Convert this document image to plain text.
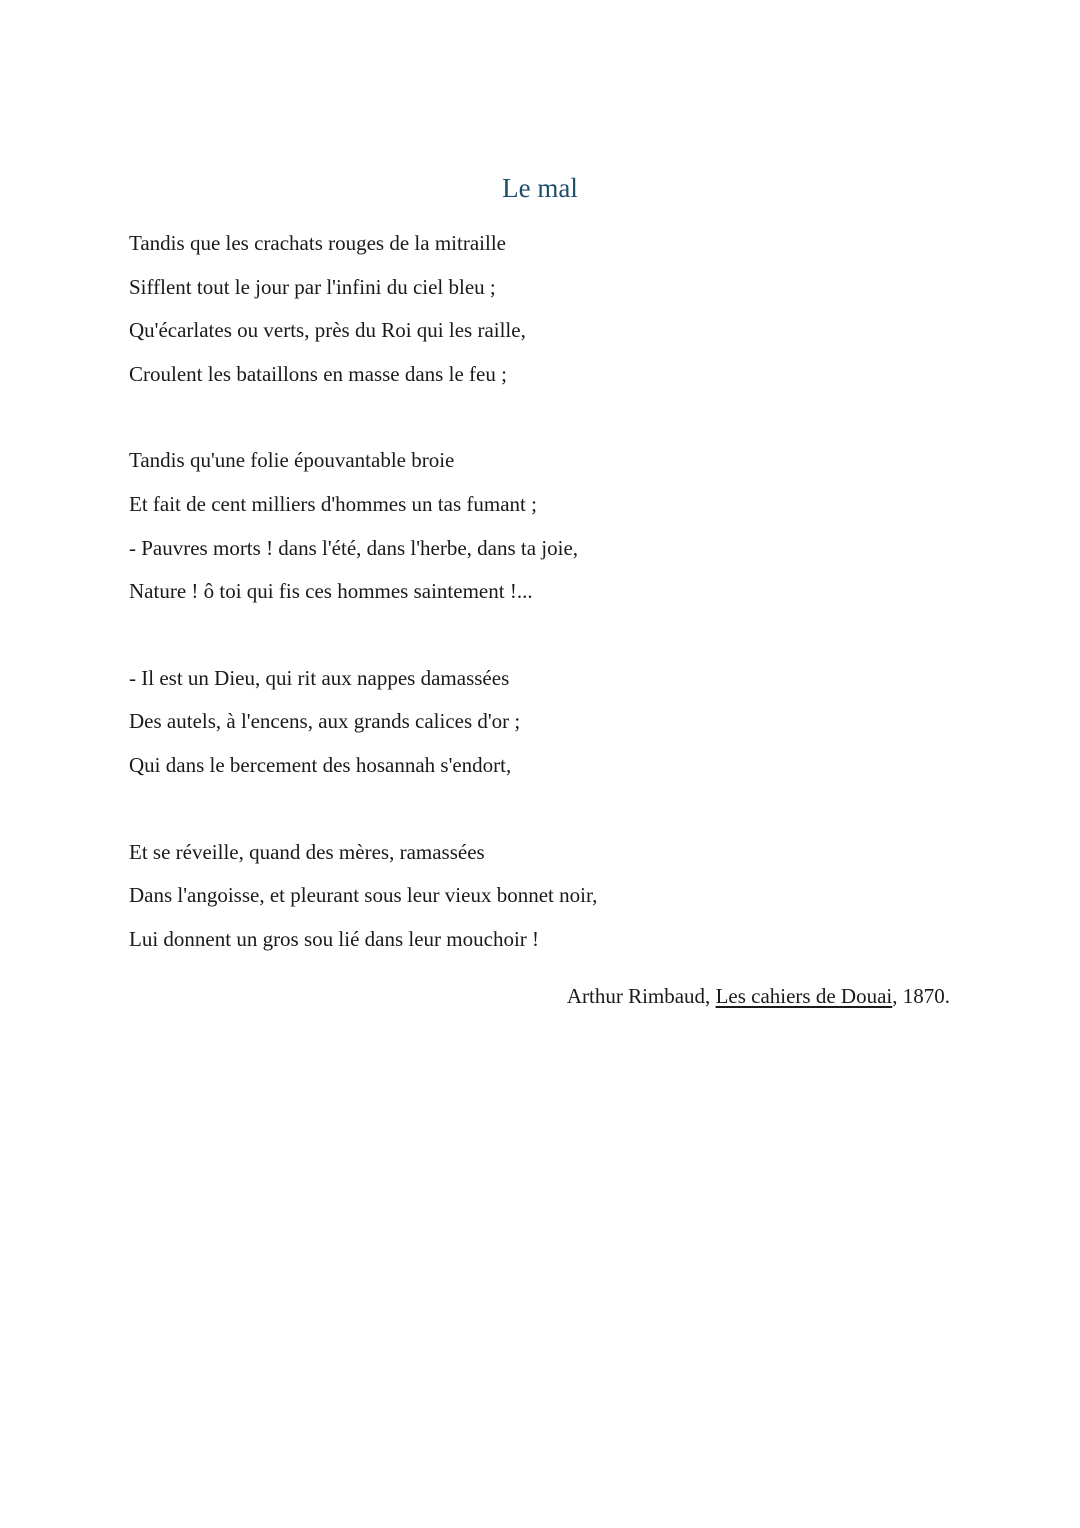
Le mal
Tandis que les crachats rouges de la mitraille
Sifflent tout le jour par l'infini du ciel bleu ;
Qu'écarlates ou verts, près du Roi qui les raille,
Croulent les bataillons en masse dans le feu ;
Tandis qu'une folie épouvantable broie
Et fait de cent milliers d'hommes un tas fumant ;
- Pauvres morts ! dans l'été, dans l'herbe, dans ta joie,
Nature ! ô toi qui fis ces hommes saintement !...
- Il est un Dieu, qui rit aux nappes damassées
Des autels, à l'encens, aux grands calices d'or ;
Qui dans le bercement des hosannah s'endort,
Et se réveille, quand des mères, ramassées
Dans l'angoisse, et pleurant sous leur vieux bonnet noir,
Lui donnent un gros sou lié dans leur mouchoir !
Arthur Rimbaud, Les cahiers de Douai, 1870.
